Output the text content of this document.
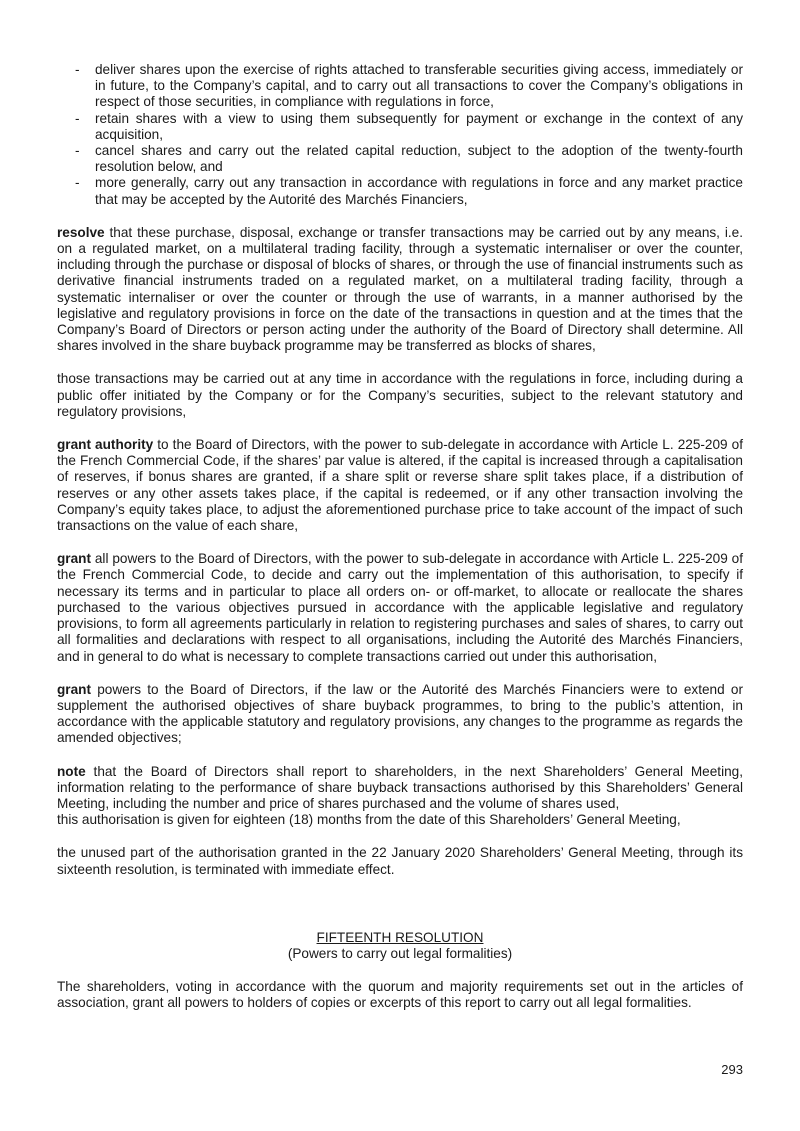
- deliver shares upon the exercise of rights attached to transferable securities giving access, immediately or in future, to the Company’s capital, and to carry out all transactions to cover the Company’s obligations in respect of those securities, in compliance with regulations in force,
- retain shares with a view to using them subsequently for payment or exchange in the context of any acquisition,
- cancel shares and carry out the related capital reduction, subject to the adoption of the twenty-fourth resolution below, and
- more generally, carry out any transaction in accordance with regulations in force and any market practice that may be accepted by the Autorité des Marchés Financiers,

resolve that these purchase, disposal, exchange or transfer transactions may be carried out by any means, i.e. on a regulated market, on a multilateral trading facility, through a systematic internaliser or over the counter, including through the purchase or disposal of blocks of shares, or through the use of financial instruments such as derivative financial instruments traded on a regulated market, on a multilateral trading facility, through a systematic internaliser or over the counter or through the use of warrants, in a manner authorised by the legislative and regulatory provisions in force on the date of the transactions in question and at the times that the Company’s Board of Directors or person acting under the authority of the Board of Directory shall determine. All shares involved in the share buyback programme may be transferred as blocks of shares,

those transactions may be carried out at any time in accordance with the regulations in force, including during a public offer initiated by the Company or for the Company’s securities, subject to the relevant statutory and regulatory provisions,

grant authority to the Board of Directors, with the power to sub-delegate in accordance with Article L. 225-209 of the French Commercial Code, if the shares’ par value is altered, if the capital is increased through a capitalisation of reserves, if bonus shares are granted, if a share split or reverse share split takes place, if a distribution of reserves or any other assets takes place, if the capital is redeemed, or if any other transaction involving the Company’s equity takes place, to adjust the aforementioned purchase price to take account of the impact of such transactions on the value of each share,

grant all powers to the Board of Directors, with the power to sub-delegate in accordance with Article L. 225-209 of the French Commercial Code, to decide and carry out the implementation of this authorisation, to specify if necessary its terms and in particular to place all orders on- or off-market, to allocate or reallocate the shares purchased to the various objectives pursued in accordance with the applicable legislative and regulatory provisions, to form all agreements particularly in relation to registering purchases and sales of shares, to carry out all formalities and declarations with respect to all organisations, including the Autorité des Marchés Financiers, and in general to do what is necessary to complete transactions carried out under this authorisation,

grant powers to the Board of Directors, if the law or the Autorité des Marchés Financiers were to extend or supplement the authorised objectives of share buyback programmes, to bring to the public’s attention, in accordance with the applicable statutory and regulatory provisions, any changes to the programme as regards the amended objectives;

note that the Board of Directors shall report to shareholders, in the next Shareholders’ General Meeting, information relating to the performance of share buyback transactions authorised by this Shareholders’ General Meeting, including the number and price of shares purchased and the volume of shares used,

this authorisation is given for eighteen (18) months from the date of this Shareholders’ General Meeting,

the unused part of the authorisation granted in the 22 January 2020 Shareholders’ General Meeting, through its sixteenth resolution, is terminated with immediate effect.

FIFTEENTH RESOLUTION

(Powers to carry out legal formalities)

The shareholders, voting in accordance with the quorum and majority requirements set out in the articles of association, grant all powers to holders of copies or excerpts of this report to carry out all legal formalities.

293
